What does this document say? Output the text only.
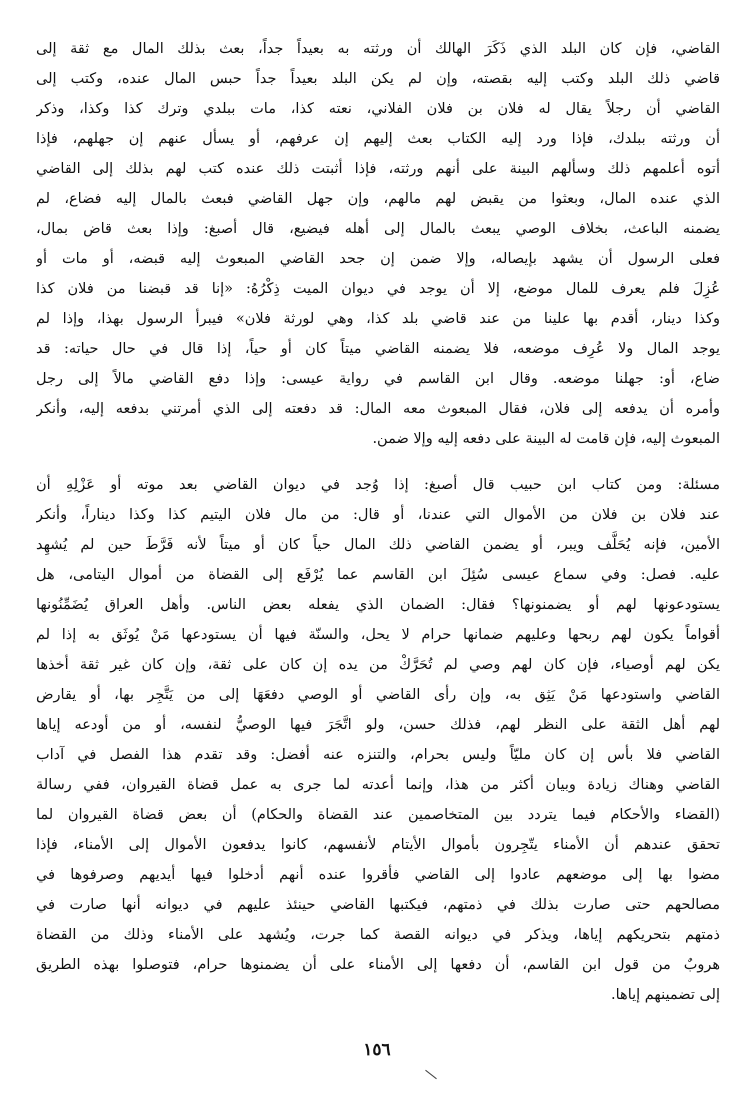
القاضي، فإن كان البلد الذي ذَكَرَ الهالك أن ورثته به بعيداً جداً، بعث بذلك المال مع ثقة إلى
قاضي ذلك البلد وكتب إليه بقصته، وإن لم يكن البلد بعيداً جداً حبس المال عنده، وكتب إلى
القاضي أن رجلاً يقال له فلان بن فلان الفلاني، نعته كذا، مات ببلدي وترك كذا وكذا، وذكر
أن ورثته ببلدك، فإذا ورد إليه الكتاب بعث إليهم إن عرفهم، أو يسأل عنهم إن جهلهم، فإذا
أتوه أعلمهم ذلك وسألهم البينة على أنهم ورثته، فإذا أثبتت ذلك عنده كتب لهم بذلك إلى القاضي
الذي عنده المال، وبعثوا من يقبض لهم مالهم، وإن جهل القاضي فبعث بالمال إليه فضاع، لم
يضمنه الباعث، بخلاف الوصي يبعث بالمال إلى أهله فيضيع، قال أصبغ: وإذا بعث قاض بمال،
فعلى الرسول أن يشهد بإيصاله، وإلا ضمن إن جحد القاضي المبعوث إليه قبضه، أو مات أو
عُزِلَ فلم يعرف للمال موضع، إلا أن يوجد في ديوان الميت ذِكْرُهُ: «إنا قد قبضنا من فلان كذا
وكذا دينار، أقدم بها علينا من عند قاضي بلد كذا، وهي لورثة فلان» فيبرأ الرسول بهذا، وإذا لم
يوجد المال ولا عُرِف موضعه، فلا يضمنه القاضي ميتاً كان أو حياً، إذا قال في حال حياته: قد
ضاع، أو: جهلنا موضعه. وقال ابن القاسم في رواية عيسى: وإذا دفع القاضي مالاً إلى رجل
وأمره أن يدفعه إلى فلان، فقال المبعوث معه المال: قد دفعته إلى الذي أمرتني بدفعه إليه، وأنكر
المبعوث إليه، فإن قامت له البينة على دفعه إليه وإلا ضمن.
مسئلة: ومن كتاب ابن حبيب قال أصبغ: إذا وُجد في ديوان القاضي بعد موته أو عَزْلِهِ أن
عند فلان بن فلان من الأموال التي عندنا، أو قال: من مال فلان اليتيم كذا وكذا ديناراً، وأنكر
الأمين، فإنه يُحَلَّف ويبر، أو يضمن القاضي ذلك المال حياً كان أو ميتاً لأنه فَرَّطَ حين لم يُشهِد
عليه. فصل: وفي سماع عيسى سُئِلَ ابن القاسم عما يُرْفَع إلى القضاة من أموال اليتامى، هل
يستودعونها لهم أو يضمنونها؟ فقال: الضمان الذي يفعله بعض الناس. وأهل العراق يُضَمِّنُونها
أقواماً يكون لهم ربحها وعليهم ضمانها حرام لا يحل، والسنّة فيها أن يستودعها مَنْ يُوثَق به إذا لم
يكن لهم أوصياء، فإن كان لهم وصي لم تُحَرَّكْ من يده إن كان على ثقة، وإن كان غير ثقة أخذها
القاضي واستودعها مَنْ يَثِق به، وإن رأى القاضي أو الوصي دفعَهَا إلى من يَتَّجِر بها، أو يقارض
لهم أهل الثقة على النظر لهم، فذلك حسن، ولو اتَّجَرَ فيها الوصيُّ لنفسه، أو من أودعه إياها
القاضي فلا بأس إن كان مليّاً وليس بحرام، والتنزه عنه أفضل: وقد تقدم هذا الفصل في آداب
القاضي وهناك زيادة وبيان أكثر من هذا، وإنما أعدته لما جرى به عمل قضاة القيروان، ففي رسالة
(القضاء والأحكام فيما يتردد بين المتخاصمين عند القضاة والحكام) أن بعض قضاة القيروان لما
تحقق عندهم أن الأمناء يتّجِرون بأموال الأيتام لأنفسهم، كانوا يدفعون الأموال إلى الأمناء، فإذا
مضوا بها إلى موضعهم عادوا إلى القاضي فأقروا عنده أنهم أدخلوا فيها أيديهم وصرفوها في
مصالحهم حتى صارت بذلك في ذمتهم، فيكتبها القاضي حينئذ عليهم في ديوانه أنها صارت في
ذمتهم بتحريكهم إياها، ويذكر في ديوانه القصة كما جرت، ويُشهد على الأمناء وذلك من القضاة
هروبٌ من قول ابن القاسم، أن دفعها إلى الأمناء على أن يضمنوها حرام، فتوصلوا بهذه الطريق
إلى تضمينهم إياها.
١٥٦
